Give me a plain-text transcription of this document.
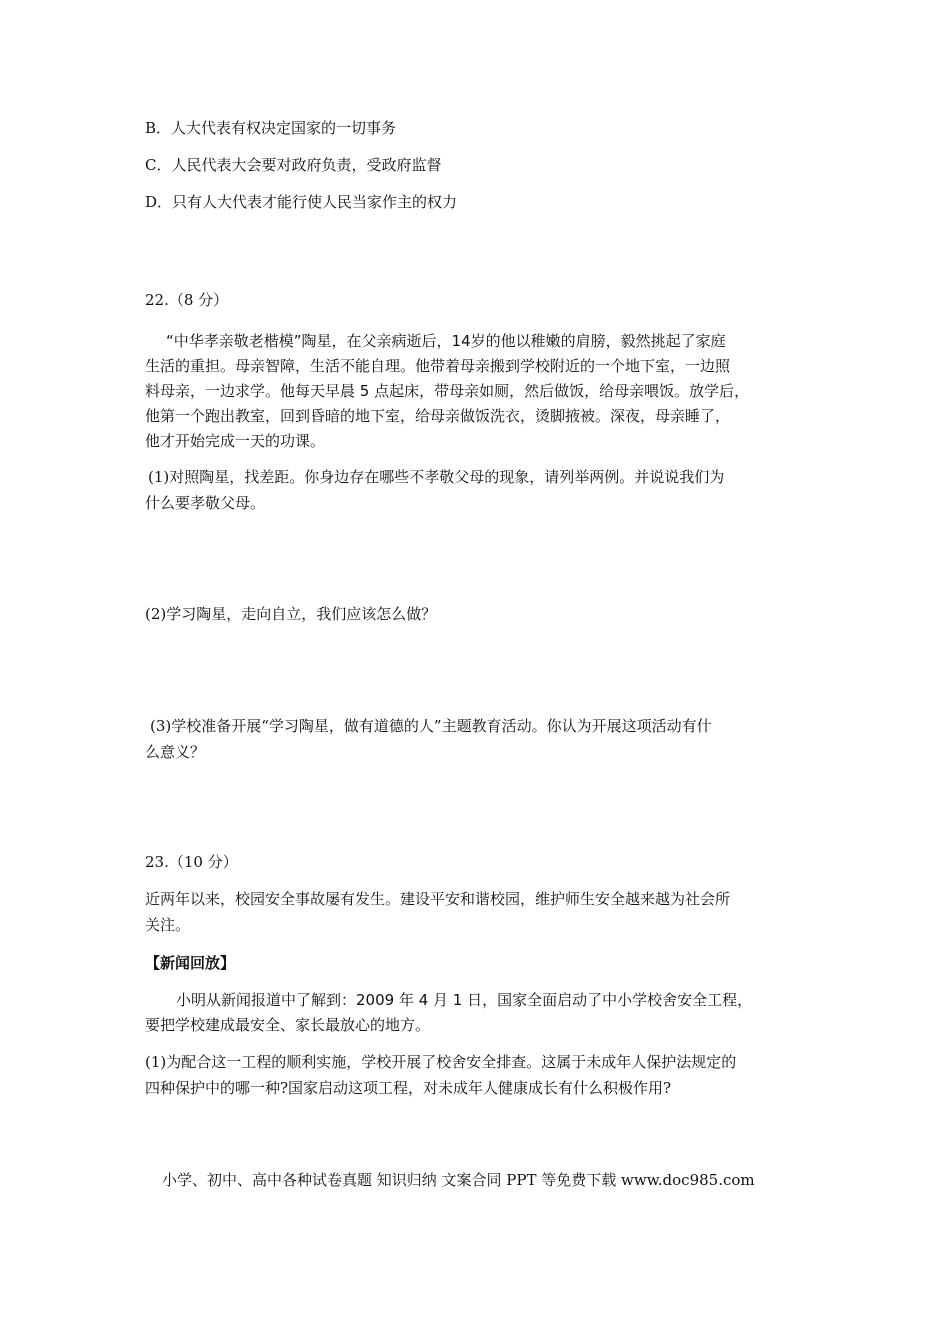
B．人大代表有权决定国家的一切事务
C．人民代表大会要对政府负责，受政府监督
D．只有人大代表才能行使人民当家作主的权力
22.（8 分）
“中华孝亲敬老楷模”陶星，在父亲病逝后，14岁的他以稚嫩的肩膀，毅然挑起了家庭
生活的重担。母亲智障，生活不能自理。他带着母亲搬到学校附近的一个地下室，一边照
料母亲，一边求学。他每天早晨 5 点起床，带母亲如厕，然后做饭，给母亲喂饭。放学后，
他第一个跑出教室，回到昏暗的地下室，给母亲做饭洗衣，烫脚掖被。深夜，母亲睡了，
他才开始完成一天的功课。
(1)对照陶星，找差距。你身边存在哪些不孝敬父母的现象，请列举两例。并说说我们为
什么要孝敬父母。
(2)学习陶星，走向自立，我们应该怎么做？
(3)学校准备开展“学习陶星，做有道德的人”主题教育活动。你认为开展这项活动有什
么意义？
23.（10 分）
近两年以来，校园安全事故屡有发生。建设平安和谐校园，维护师生安全越来越为社会所
关注。
【新闻回放】
小明从新闻报道中了解到：2009 年 4 月 1 日，国家全面启动了中小学校舍安全工程，
要把学校建成最安全、家长最放心的地方。
(1)为配合这一工程的顺利实施，学校开展了校舍安全排查。这属于未成年人保护法规定的
四种保护中的哪一种?国家启动这项工程，对未成年人健康成长有什么积极作用?
小学、初中、高中各种试卷真题 知识归纳 文案合同 PPT 等免费下载 www.doc985.com
